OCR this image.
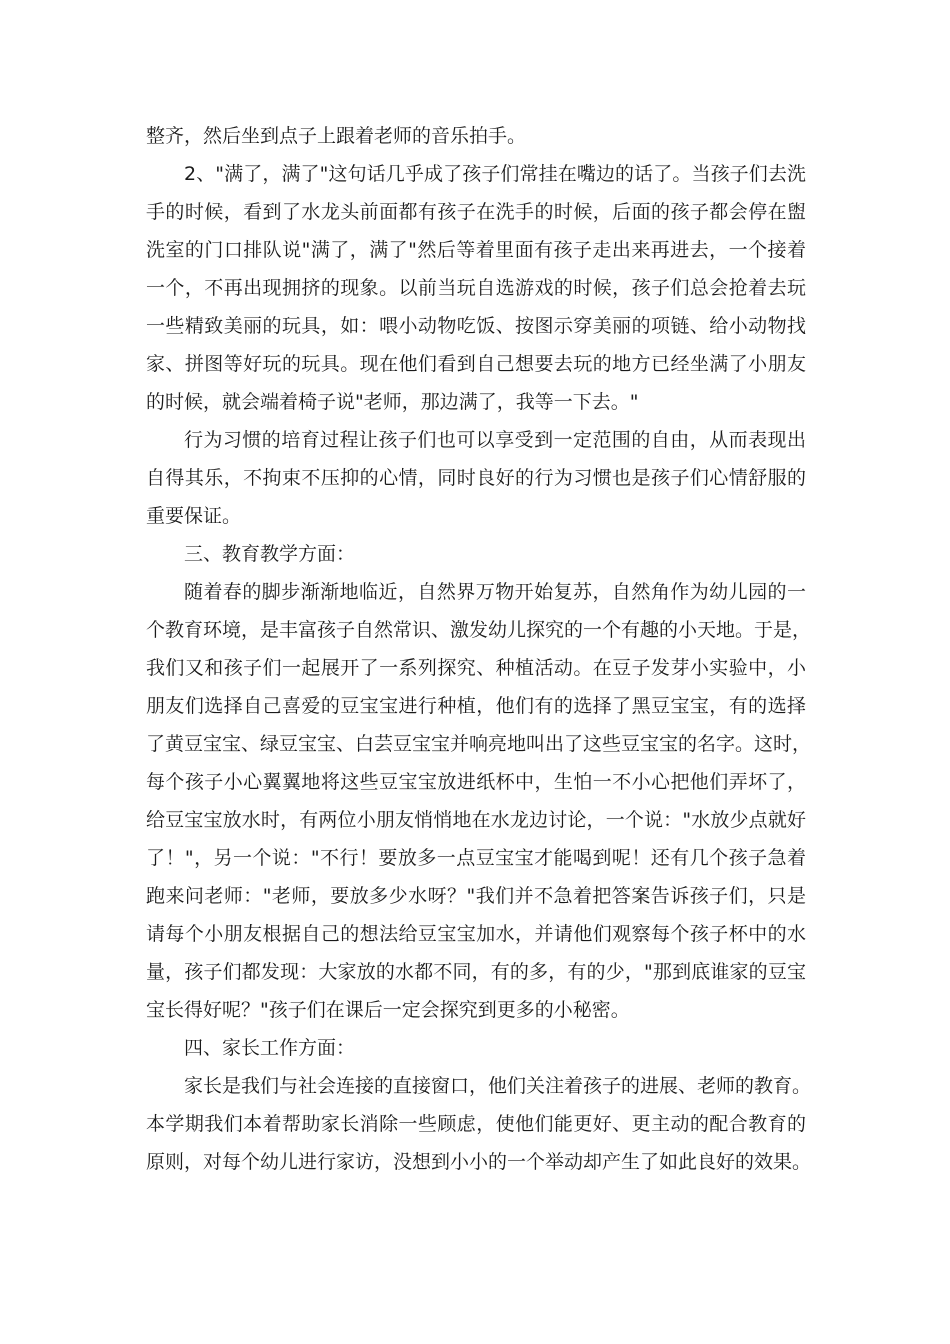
整齐，然后坐到点子上跟着老师的音乐拍手。
2、"满了，满了"这句话几乎成了孩子们常挂在嘴边的话了。当孩子们去洗
手的时候，看到了水龙头前面都有孩子在洗手的时候，后面的孩子都会停在盥
洗室的门口排队说"满了，满了"然后等着里面有孩子走出来再进去，一个接着
一个，不再出现拥挤的现象。以前当玩自选游戏的时候，孩子们总会抢着去玩
一些精致美丽的玩具，如：喂小动物吃饭、按图示穿美丽的项链、给小动物找
家、拼图等好玩的玩具。现在他们看到自己想要去玩的地方已经坐满了小朋友
的时候，就会端着椅子说"老师，那边满了，我等一下去。"
行为习惯的培育过程让孩子们也可以享受到一定范围的自由，从而表现出
自得其乐，不拘束不压抑的心情，同时良好的行为习惯也是孩子们心情舒服的
重要保证。
三、教育教学方面：
随着春的脚步渐渐地临近，自然界万物开始复苏，自然角作为幼儿园的一
个教育环境，是丰富孩子自然常识、激发幼儿探究的一个有趣的小天地。于是，
我们又和孩子们一起展开了一系列探究、种植活动。在豆子发芽小实验中，小
朋友们选择自己喜爱的豆宝宝进行种植，他们有的选择了黑豆宝宝，有的选择
了黄豆宝宝、绿豆宝宝、白芸豆宝宝并响亮地叫出了这些豆宝宝的名字。这时，
每个孩子小心翼翼地将这些豆宝宝放进纸杯中，生怕一不小心把他们弄坏了，
给豆宝宝放水时，有两位小朋友悄悄地在水龙边讨论，一个说："水放少点就好
了！"，另一个说："不行！要放多一点豆宝宝才能喝到呢！还有几个孩子急着
跑来问老师："老师，要放多少水呀？"我们并不急着把答案告诉孩子们，只是
请每个小朋友根据自己的想法给豆宝宝加水，并请他们观察每个孩子杯中的水
量，孩子们都发现：大家放的水都不同，有的多，有的少，"那到底谁家的豆宝
宝长得好呢？"孩子们在课后一定会探究到更多的小秘密。
四、家长工作方面：
家长是我们与社会连接的直接窗口，他们关注着孩子的进展、老师的教育。
本学期我们本着帮助家长消除一些顾虑，使他们能更好、更主动的配合教育的
原则，对每个幼儿进行家访，没想到小小的一个举动却产生了如此良好的效果。
